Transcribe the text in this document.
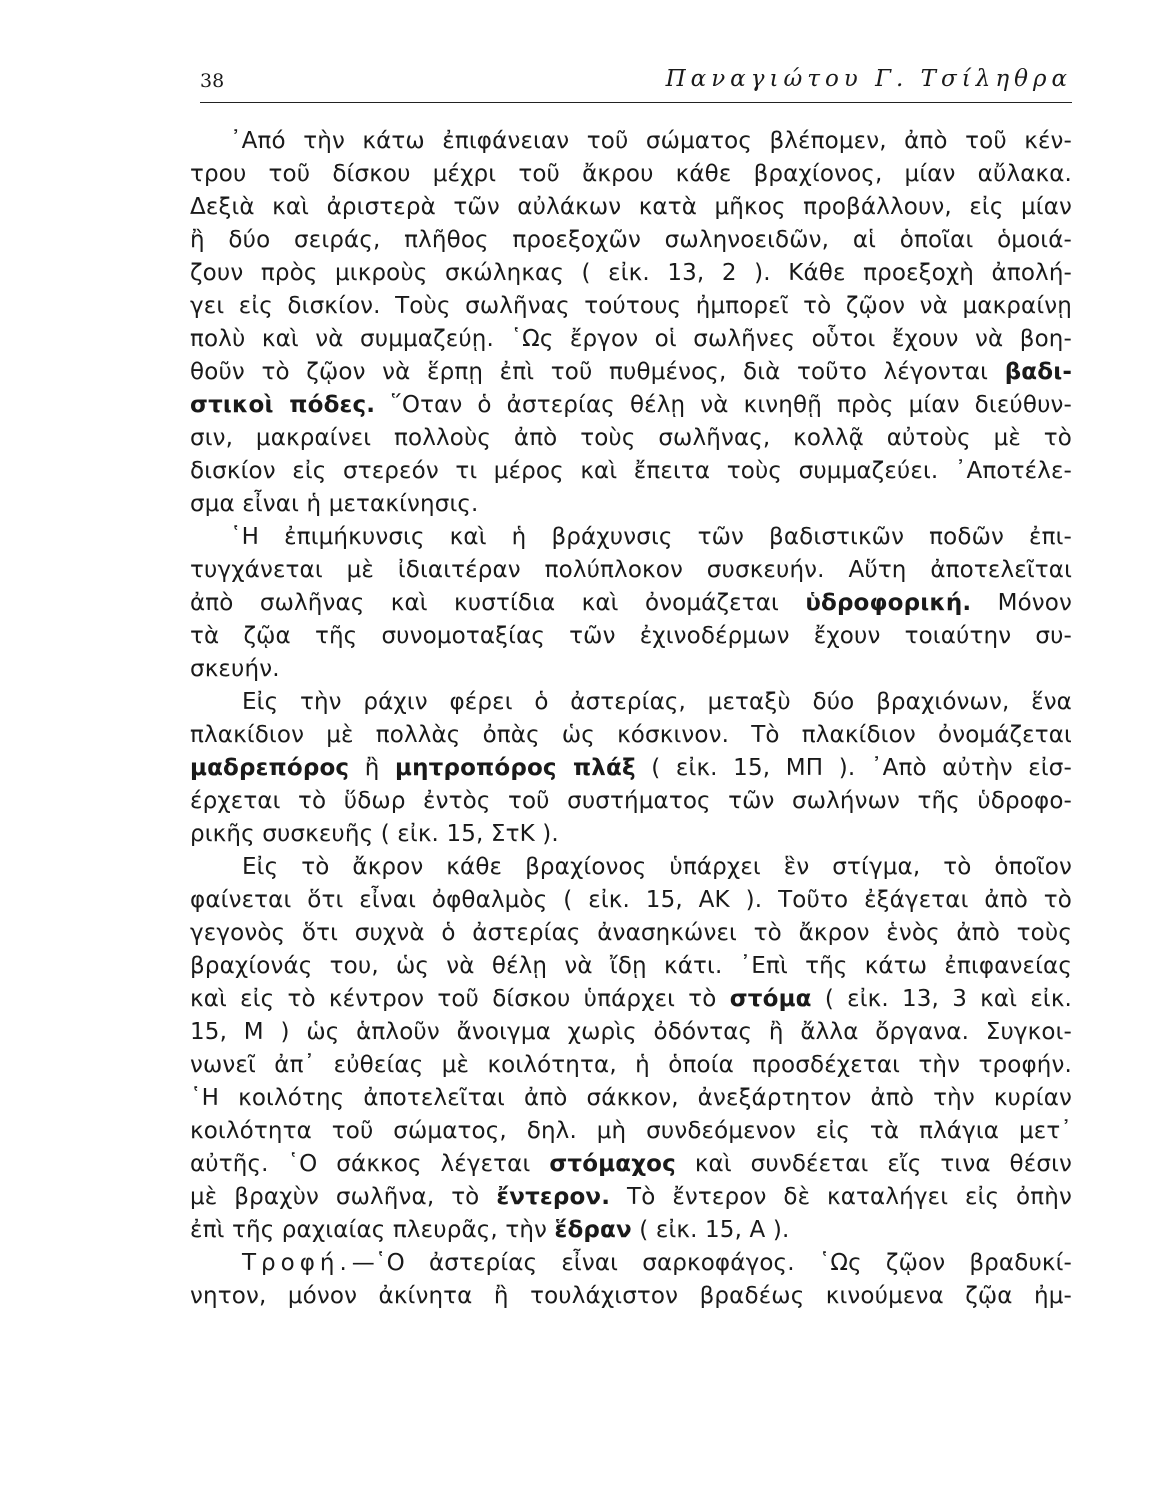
38	Παναγιώτου Γ. Τσίληθρα
᾽Από τὴν κάτω ἐπιφάνειαν τοῦ σώματος βλέπομεν, ἀπὸ τοῦ κέν-
τρου τοῦ δίσκου μέχρι τοῦ ἄκρου κάθε βραχίονος, μίαν αὔλακα.
Δεξιὰ καὶ ἀριστερὰ τῶν αὐλάκων κατὰ μῆκος προβάλλουν, εἰς μίαν
ἢ δύο σειράς, πλῆθος προεξοχῶν σωληνοειδῶν, αἱ ὁποῖαι ὁμοιά-
ζουν πρὸς μικροὺς σκώληκας ( εἰκ. 13, 2 ). Κάθε προεξοχὴ ἀπολή-
γει εἰς δισκίον. Τοὺς σωλῆνας τούτους ἠμπορεῖ τὸ ζῷον νὰ μακραίνῃ
πολὺ καὶ νὰ συμμαζεύῃ. ῾Ως ἔργον οἱ σωλῆνες οὗτοι ἔχουν νὰ βοη-
θοῦν τὸ ζῷον νὰ ἕρπῃ ἐπὶ τοῦ πυθμένος, διὰ τοῦτο λέγονται βαδι-
στικοὶ πόδες. ῞Οταν ὁ ἀστερίας θέλῃ νὰ κινηθῇ πρὸς μίαν διεύθυν-
σιν, μακραίνει πολλοὺς ἀπὸ τοὺς σωλῆνας, κολλᾷ αὐτοὺς μὲ τὸ
δισκίον εἰς στερεόν τι μέρος καὶ ἔπειτα τοὺς συμμαζεύει. ᾽Αποτέλε-
σμα εἶναι ἡ μετακίνησις.
῾Η ἐπιμήκυνσις καὶ ἡ βράχυνσις τῶν βαδιστικῶν ποδῶν ἐπι-
τυγχάνεται μὲ ἰδιαιτέραν πολύπλοκον συσκευήν. Αὕτη ἀποτελεῖται
ἀπὸ σωλῆνας καὶ κυστίδια καὶ ὀνομάζεται ὑδροφορική. Μόνον
τὰ ζῷα τῆς συνομοταξίας τῶν ἐχινοδέρμων ἔχουν τοιαύτην συ-
σκευήν.
Εἰς τὴν ράχιν φέρει ὁ ἀστερίας, μεταξὺ δύο βραχιόνων, ἕνα
πλακίδιον μὲ πολλὰς ὀπὰς ὡς κόσκινον. Τὸ πλακίδιον ὀνομάζεται
μαδρεπόρος ἢ μητροπόρος πλάξ ( εἰκ. 15, ΜΠ ). ᾽Απὸ αὐτὴν εἰσ-
έρχεται τὸ ὕδωρ ἐντὸς τοῦ συστήματος τῶν σωλήνων τῆς ὑδροφο-
ρικῆς συσκευῆς ( εἰκ. 15, ΣτΚ ).
Εἰς τὸ ἄκρον κάθε βραχίονος ὑπάρχει ἓν στίγμα, τὸ ὁποῖον
φαίνεται ὅτι εἶναι ὀφθαλμὸς ( εἰκ. 15, ΑΚ ). Τοῦτο ἐξάγεται ἀπὸ τὸ
γεγονὸς ὅτι συχνὰ ὁ ἀστερίας ἀνασηκώνει τὸ ἄκρον ἑνὸς ἀπὸ τοὺς
βραχίονάς του, ὡς νὰ θέλῃ νὰ ἴδῃ κάτι. ᾽Επὶ τῆς κάτω ἐπιφανείας
καὶ εἰς τὸ κέντρον τοῦ δίσκου ὑπάρχει τὸ στόμα ( εἰκ. 13, 3 καὶ εἰκ.
15, Μ ) ὡς ἁπλοῦν ἄνοιγμα χωρὶς ὀδόντας ἢ ἄλλα ὄργανα. Συγκοι-
νωνεῖ ἀπ᾽ εὐθείας μὲ κοιλότητα, ἡ ὁποία προσδέχεται τὴν τροφήν.
῾Η κοιλότης ἀποτελεῖται ἀπὸ σάκκον, ἀνεξάρτητον ἀπὸ τὴν κυρίαν
κοιλότητα τοῦ σώματος, δηλ. μὴ συνδεόμενον εἰς τὰ πλάγια μετ᾽
αὐτῆς. ῾Ο σάκκος λέγεται στόμαχος καὶ συνδέεται εἴς τινα θέσιν
μὲ βραχὺν σωλῆνα, τὸ ἔντερον. Τὸ ἔντερον δὲ καταλήγει εἰς ὀπὴν
ἐπὶ τῆς ραχιαίας πλευρᾶς, τὴν ἕδραν ( εἰκ. 15, Α ).
Τροφή.—῾Ο ἀστερίας εἶναι σαρκοφάγος. ῾Ως ζῷον βραδυκί-
νητον, μόνον ἀκίνητα ἢ τουλάχιστον βραδέως κινούμενα ζῷα ἠμ-
